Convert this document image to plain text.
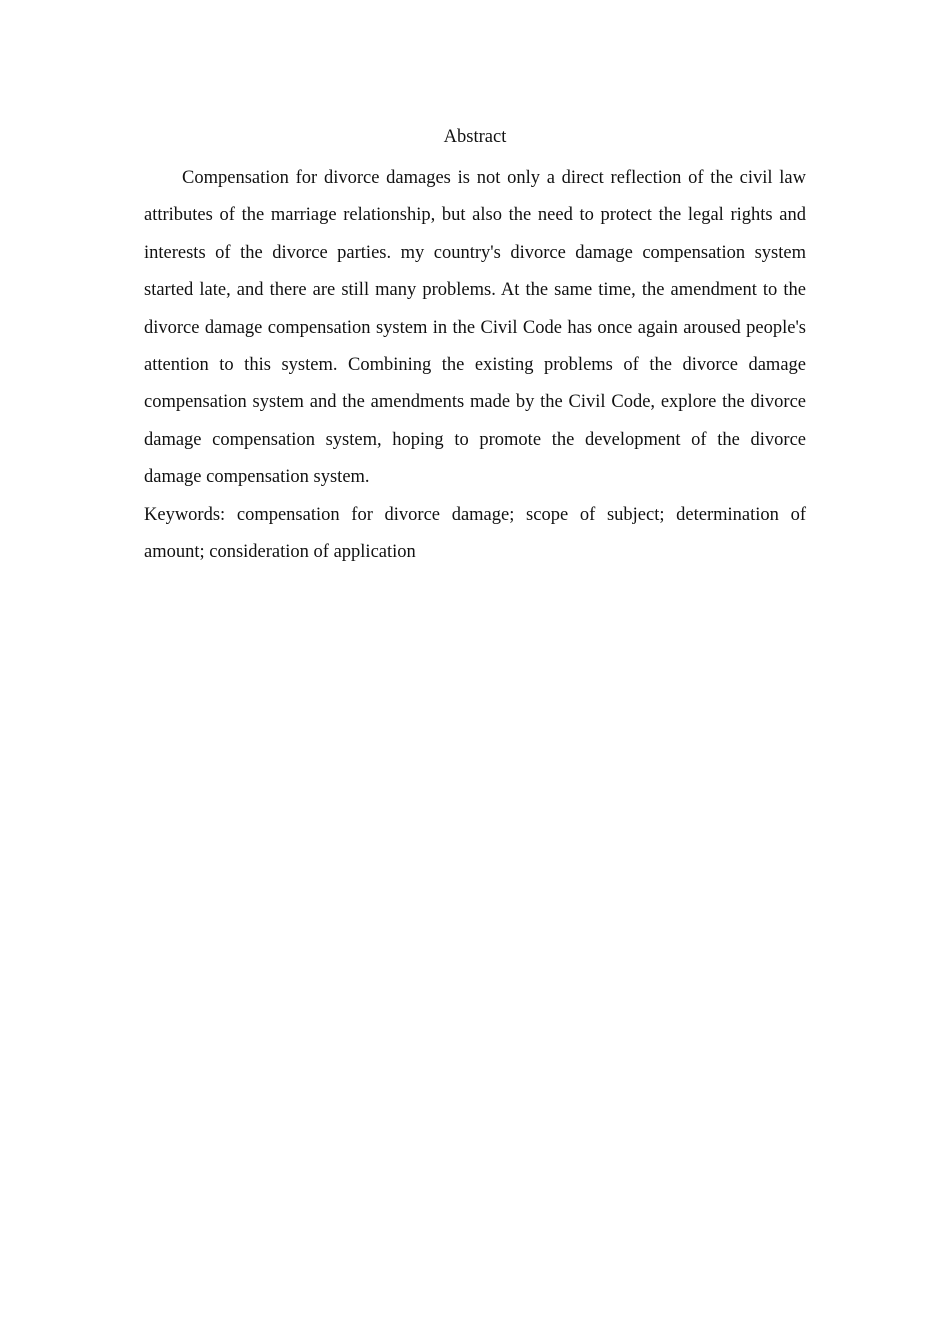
Abstract

Compensation for divorce damages is not only a direct reflection of the civil law attributes of the marriage relationship, but also the need to protect the legal rights and interests of the divorce parties. my country's divorce damage compensation system started late, and there are still many problems. At the same time, the amendment to the divorce damage compensation system in the Civil Code has once again aroused people's attention to this system. Combining the existing problems of the divorce damage compensation system and the amendments made by the Civil Code, explore the divorce damage compensation system, hoping to promote the development of the divorce damage compensation system.

Keywords: compensation for divorce damage; scope of subject; determination of amount; consideration of application
